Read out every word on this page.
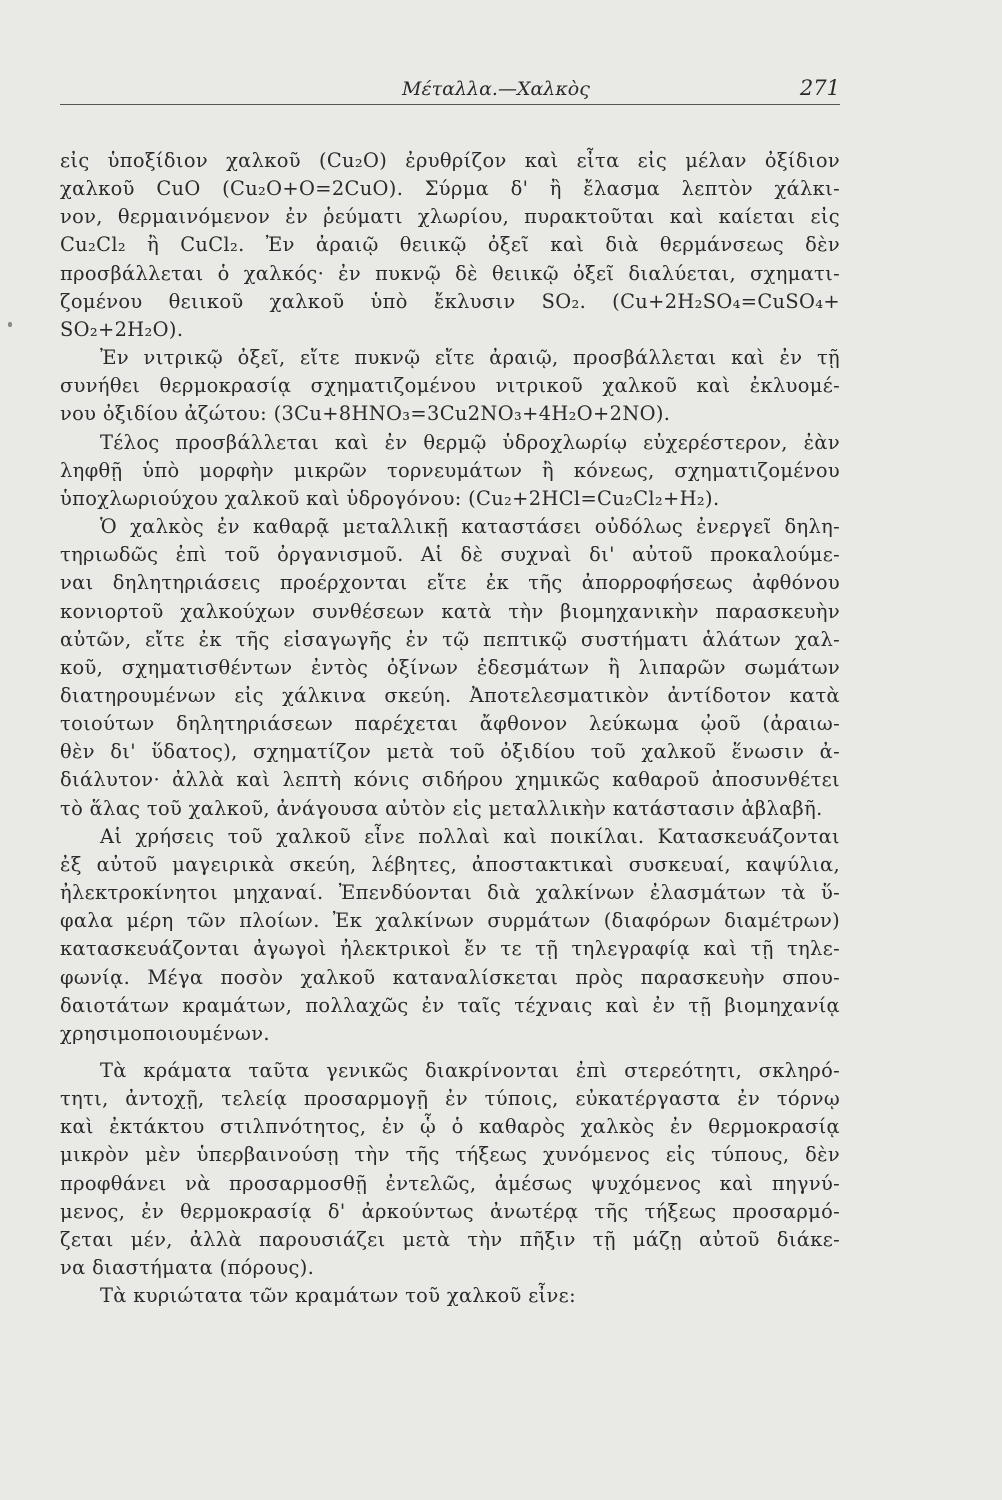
Μέταλλα.—Χαλκὸς	271

εἰς ὑποξίδιον χαλκοῦ (Cu₂O) ἐρυθρίζον καὶ εἶτα εἰς μέλαν ὀξίδιον

χαλκοῦ CuO (Cu₂O+O=2CuO). Σύρμα δ' ἢ ἔλασμα λεπτὸν χάλκι-

νον, θερμαινόμενον ἐν ῥεύματι χλωρίου, πυρακτοῦται καὶ καίεται εἰς

Cu₂Cl₂ ἢ CuCl₂. Ἐν ἀραιῷ θειικῷ ὀξεῖ καὶ διὰ θερμάνσεως δὲν

προσβάλλεται ὁ χαλκός· ἐν πυκνῷ δὲ θειικῷ ὀξεῖ διαλύεται, σχηματι-

ζομένου θειικοῦ χαλκοῦ ὑπὸ ἔκλυσιν SO₂. (Cu+2H₂SO₄=CuSO₄+

SO₂+2H₂O).

Ἐν νιτρικῷ ὀξεῖ, εἴτε πυκνῷ εἴτε ἀραιῷ, προσβάλλεται καὶ ἐν τῇ

συνήθει θερμοκρασίᾳ σχηματιζομένου νιτρικοῦ χαλκοῦ καὶ ἐκλυομέ-

νου ὀξιδίου ἀζώτου: (3Cu+8HNO₃=3Cu2NO₃+4H₂O+2NO).

Τέλος προσβάλλεται καὶ ἐν θερμῷ ὑδροχλωρίῳ εὐχερέστερον, ἐὰν

ληφθῇ ὑπὸ μορφὴν μικρῶν τορνευμάτων ἢ κόνεως, σχηματιζομένου

ὑποχλωριούχου χαλκοῦ καὶ ὑδρογόνου: (Cu₂+2HCl=Cu₂Cl₂+H₂).

Ὁ χαλκὸς ἐν καθαρᾷ μεταλλικῇ καταστάσει οὐδόλως ἐνεργεῖ δηλη-

τηριωδῶς ἐπὶ τοῦ ὀργανισμοῦ. Αἱ δὲ συχναὶ δι' αὐτοῦ προκαλούμε-

ναι δηλητηριάσεις προέρχονται εἴτε ἐκ τῆς ἀπορροφήσεως ἀφθόνου

κονιορτοῦ χαλκούχων συνθέσεων κατὰ τὴν βιομηχανικὴν παρασκευὴν

αὐτῶν, εἴτε ἐκ τῆς εἰσαγωγῆς ἐν τῷ πεπτικῷ συστήματι ἁλάτων χαλ-

κοῦ, σχηματισθέντων ἐντὸς ὀξίνων ἐδεσμάτων ἢ λιπαρῶν σωμάτων

διατηρουμένων εἰς χάλκινα σκεύη. Ἀποτελεσματικὸν ἀντίδοτον κατὰ

τοιούτων δηλητηριάσεων παρέχεται ἄφθονον λεύκωμα ᾠοῦ (ἀραιω-

θὲν δι' ὕδατος), σχηματίζον μετὰ τοῦ ὀξιδίου τοῦ χαλκοῦ ἕνωσιν ἀ-

διάλυτον· ἀλλὰ καὶ λεπτὴ κόνις σιδήρου χημικῶς καθαροῦ ἀποσυνθέτει

τὸ ἅλας τοῦ χαλκοῦ, ἀνάγουσα αὐτὸν εἰς μεταλλικὴν κατάστασιν ἀβλαβῆ.

Αἱ χρήσεις τοῦ χαλκοῦ εἶνε πολλαὶ καὶ ποικίλαι. Κατασκευάζονται

ἐξ αὐτοῦ μαγειρικὰ σκεύη, λέβητες, ἀποστακτικαὶ συσκευαί, καψύλια,

ἠλεκτροκίνητοι μηχαναί. Ἐπενδύονται διὰ χαλκίνων ἐλασμάτων τὰ ὕ-

φαλα μέρη τῶν πλοίων. Ἐκ χαλκίνων συρμάτων (διαφόρων διαμέτρων)

κατασκευάζονται ἀγωγοὶ ἠλεκτρικοὶ ἔν τε τῇ τηλεγραφίᾳ καὶ τῇ τηλε-

φωνίᾳ. Μέγα ποσὸν χαλκοῦ καταναλίσκεται πρὸς παρασκευὴν σπου-

δαιοτάτων κραμάτων, πολλαχῶς ἐν ταῖς τέχναις καὶ ἐν τῇ βιομηχανίᾳ

χρησιμοποιουμένων.

Τὰ κράματα ταῦτα γενικῶς διακρίνονται ἐπὶ στερεότητι, σκληρό-

τητι, ἀντοχῇ, τελείᾳ προσαρμογῇ ἐν τύποις, εὐκατέργαστα ἐν τόρνῳ

καὶ ἐκτάκτου στιλπνότητος, ἐν ᾧ ὁ καθαρὸς χαλκὸς ἐν θερμοκρασίᾳ

μικρὸν μὲν ὑπερβαινούσῃ τὴν τῆς τήξεως χυνόμενος εἰς τύπους, δὲν

προφθάνει νὰ προσαρμοσθῇ ἐντελῶς, ἀμέσως ψυχόμενος καὶ πηγνύ-

μενος, ἐν θερμοκρασίᾳ δ' ἀρκούντως ἀνωτέρᾳ τῆς τήξεως προσαρμό-

ζεται μέν, ἀλλὰ παρουσιάζει μετὰ τὴν πῆξιν τῇ μάζῃ αὐτοῦ διάκε-

να διαστήματα (πόρους).

Τὰ κυριώτατα τῶν κραμάτων τοῦ χαλκοῦ εἶνε:
